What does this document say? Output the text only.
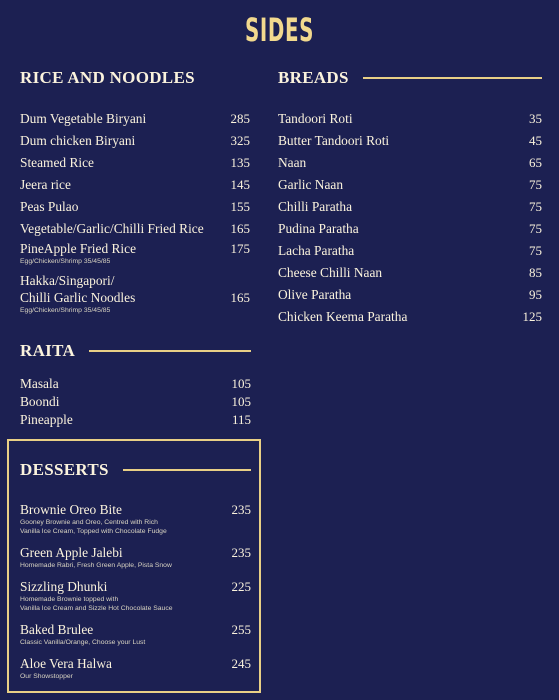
SIDES
RICE AND NOODLES
Dum Vegetable Biryani	285
Dum chicken Biryani	325
Steamed Rice	135
Jeera rice	145
Peas Pulao	155
Vegetable/Garlic/Chilli Fried Rice 165
PineApple Fried Rice	175
Egg/Chicken/Shrimp 35/45/85
Hakka/Singapori/
Chilli Garlic Noodles	165
Egg/Chicken/Shrimp 35/45/85
BREADS
Tandoori Roti	35
Butter Tandoori Roti	45
Naan	65
Garlic Naan	75
Chilli Paratha	75
Pudina Paratha	75
Lacha Paratha	75
Cheese Chilli Naan	85
Olive Paratha	95
Chicken Keema Paratha	125
RAITA
Masala	105
Boondi	105
Pineapple	115
DESSERTS
Brownie Oreo Bite	235
Gooney Brownie and Oreo, Centred with Rich
Vanilla Ice Cream, Topped with Chocolate Fudge
Green Apple Jalebi	235
Homemade Rabri, Fresh Green Apple, Pista Snow
Sizzling Dhunki	225
Homemade Brownie topped with
Vanilla Ice Cream and Sizzle Hot Chocolate Sauce
Baked Brulee	255
Classic Vanilla/Orange, Choose your Lust
Aloe Vera Halwa	245
Our Showstopper
